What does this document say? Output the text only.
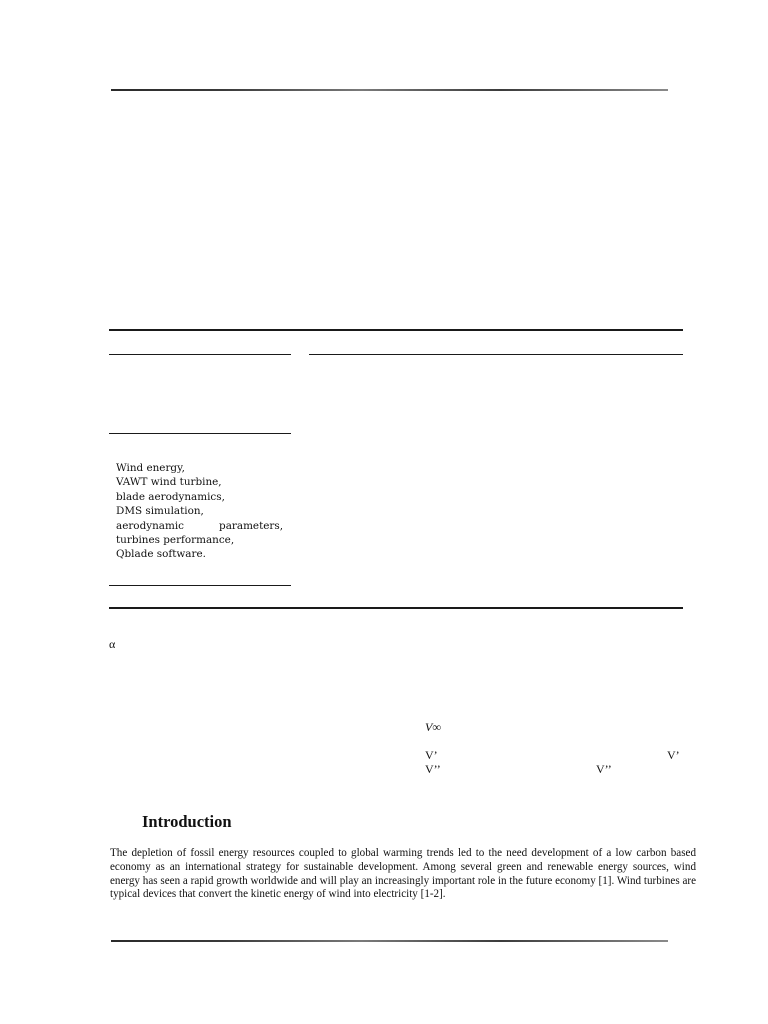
Wind energy,
VAWT wind turbine,
blade aerodynamics,
DMS simulation,
aerodynamic parameters,
turbines performance,
Qblade software.
α
V∞
V’	V’
V’’	V’’
Introduction

The depletion of fossil energy resources coupled to global warming trends led to the need development of a low carbon based economy as an international strategy for sustainable development. Among several green and renewable energy sources, wind energy has seen a rapid growth worldwide and will play an increasingly important role in the future economy [1]. Wind turbines are typical devices that convert the kinetic energy of wind into electricity [1-2].
